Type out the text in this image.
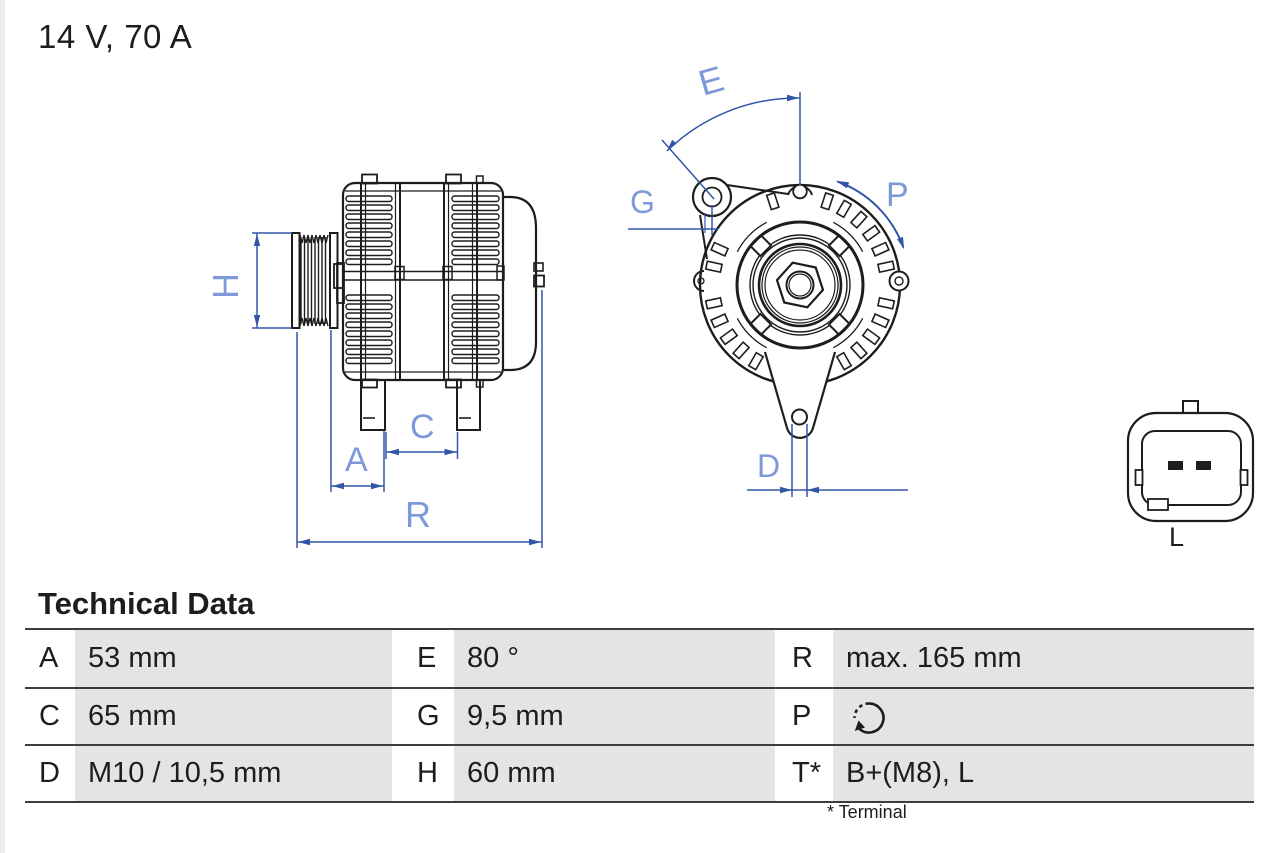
14 V, 70 A
H
A
C
R
E
G	P
D
L
Technical Data
A	53 mm	E	80 °	R	max. 165 mm
C 65 mm	G 9,5 mm	P
D M10 / 10,5 mm	H	60 mm	T* B+(M8), L
* Terminal
